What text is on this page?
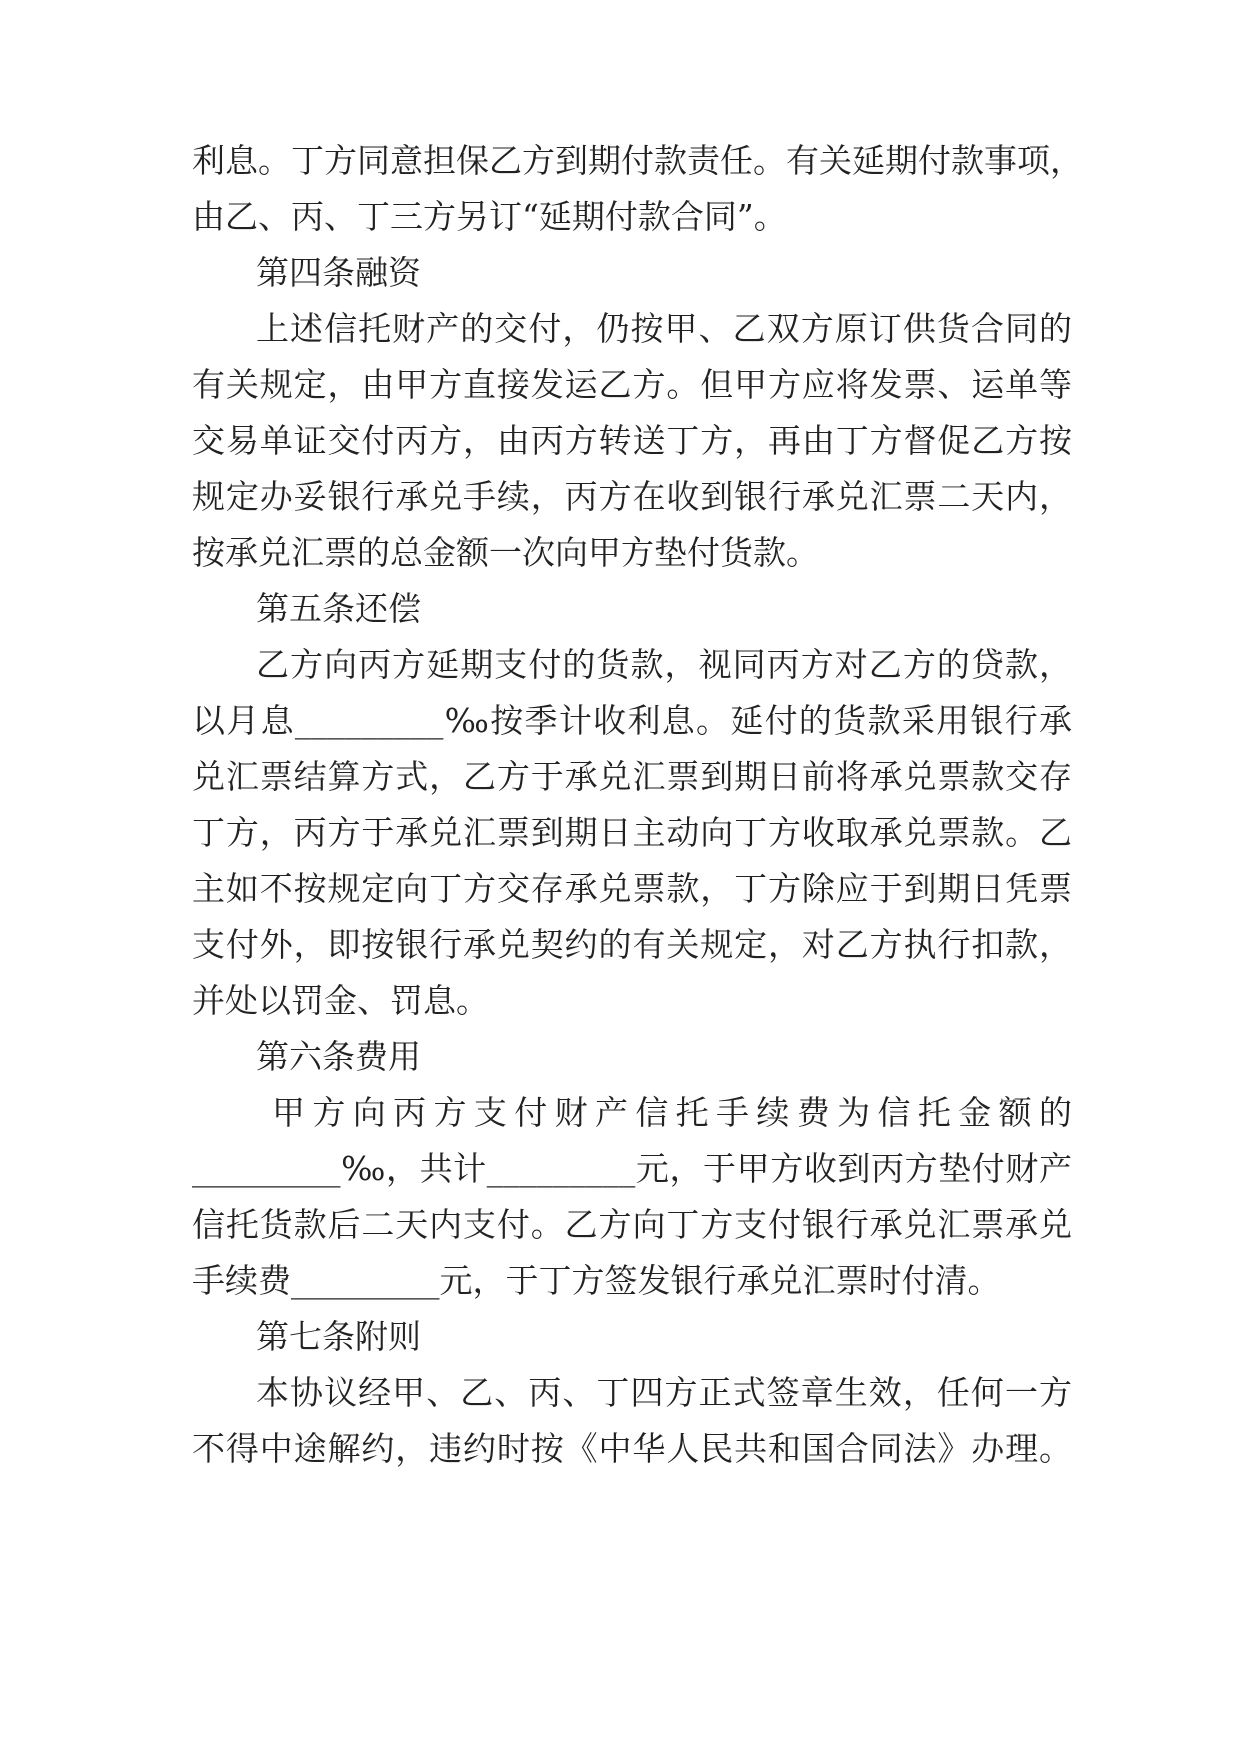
利息。丁方同意担保乙方到期付款责任。有关延期付款事项，
由乙、丙、丁三方另订“延期付款合同”。
第四条融资
上述信托财产的交付，仍按甲、乙双方原订供货合同的
有关规定，由甲方直接发运乙方。但甲方应将发票、运单等
交易单证交付丙方，由丙方转送丁方，再由丁方督促乙方按
规定办妥银行承兑手续，丙方在收到银行承兑汇票二天内，
按承兑汇票的总金额一次向甲方垫付货款。
第五条还偿
乙方向丙方延期支付的货款，视同丙方对乙方的贷款，
以月息_________‰按季计收利息。延付的货款采用银行承
兑汇票结算方式，乙方于承兑汇票到期日前将承兑票款交存
丁方，丙方于承兑汇票到期日主动向丁方收取承兑票款。乙
主如不按规定向丁方交存承兑票款，丁方除应于到期日凭票
支付外，即按银行承兑契约的有关规定，对乙方执行扣款，
并处以罚金、罚息。
第六条费用
甲方向丙方支付财产信托手续费为信托金额的
_________‰，共计_________元，于甲方收到丙方垫付财产
信托货款后二天内支付。乙方向丁方支付银行承兑汇票承兑
手续费_________元，于丁方签发银行承兑汇票时付清。
第七条附则
本协议经甲、乙、丙、丁四方正式签章生效，任何一方
不得中途解约，违约时按《中华人民共和国合同法》办理。
